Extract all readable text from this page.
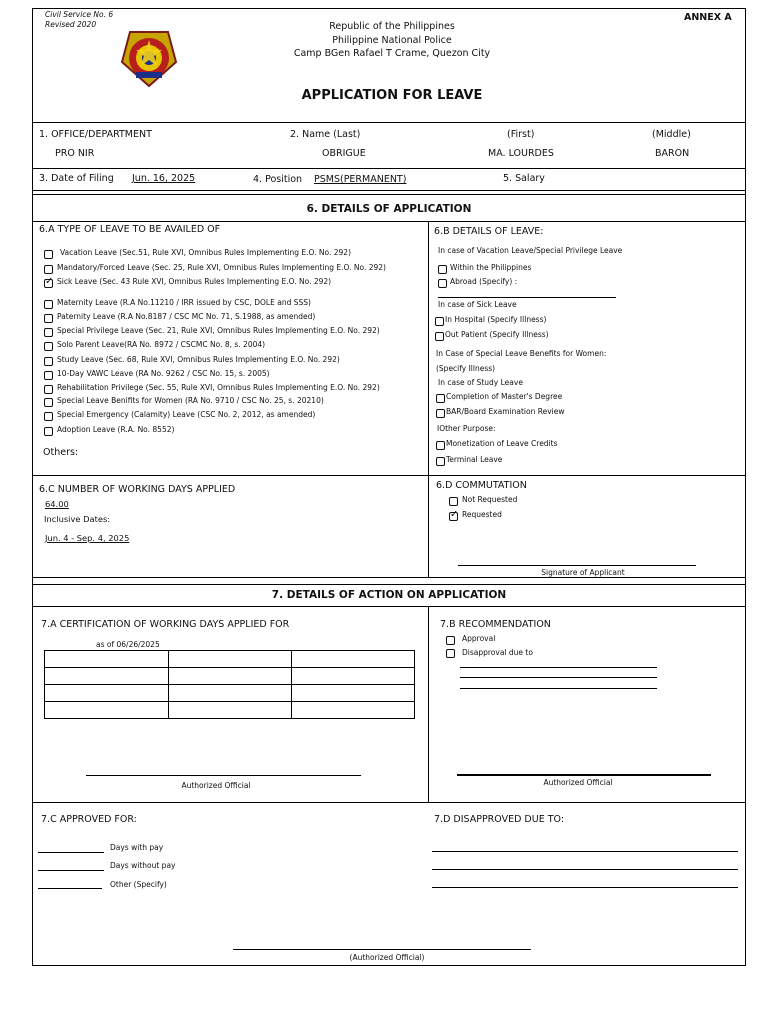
Civil Service No. 6
Revised 2020
ANNEX A
Republic of the Philippines
Philippine National Police
Camp BGen Rafael T Crame, Quezon City
APPLICATION FOR LEAVE
1. OFFICE/DEPARTMENT	2. Name (Last)	(First)	(Middle)
PRO NIR	OBRIGUE	MA. LOURDES	BARON
3. Date of Filing Jun. 16, 2025	4. Position PSMS(PERMANENT)	5. Salary
6. DETAILS OF APPLICATION
6.A TYPE OF LEAVE TO BE AVAILED OF
Vacation Leave (Sec.51, Rule XVI, Omnibus Rules Implementing E.O. No. 292)
Mandatory/Forced Leave (Sec. 25, Rule XVI, Omnibus Rules Implementing E.O. No. 292)
✓
Sick Leave (Sec. 43 Rule XVI, Omnibus Rules Implementing E.O. No. 292)
Maternity Leave (R.A No.11210 / IRR issued by CSC, DOLE and SSS)
Paternity Leave (R.A No.8187 / CSC MC No. 71, S.1988, as amended)
Special Privilege Leave (Sec. 21, Rule XVI, Omnibus Rules Implementing E.O. No. 292)
Solo Parent Leave(RA No. 8972 / CSCMC No. 8, s. 2004)
Study Leave (Sec. 68, Rule XVI, Omnibus Rules Implementing E.O. No. 292)
10-Day VAWC Leave (RA No. 9262 / CSC No. 15, s. 2005)
Rehabilitation Privilege (Sec. 55, Rule XVI, Omnibus Rules Implementing E.O. No. 292)
Special Leave Benifits for Women (RA No. 9710 / CSC No. 25, s. 20210)
Special Emergency (Calamity) Leave (CSC No. 2, 2012, as amended)
Adoption Leave (R.A. No. 8552)
Others:
6.B DETAILS OF LEAVE:
In case of Vacation Leave/Special Privilege Leave
Within the Philippines
Abroad (Specify) :
In case of Sick Leave
In Hospital (Specify Illness)
Out Patient (Specify Illness)
In Case of Special Leave Benefits for Women:
(Specify Illness)
In case of Study Leave
Completion of Master's Degree
BAR/Board Examination Review
IOther Purpose:
Monetization of Leave Credits
Terminal Leave
6.C NUMBER OF WORKING DAYS APPLIED
64.00
Inclusive Dates:
Jun. 4 - Sep. 4, 2025
6.D COMMUTATION
Not Requested
✓
Requested
Signature of Applicant
7. DETAILS OF ACTION ON APPLICATION
7.A CERTIFICATION OF WORKING DAYS APPLIED FOR
as of 06/26/2025
Authorized Official
7.B RECOMMENDATION
Approval
Disapproval due to
Authorized Official
7.C APPROVED FOR:
Days with pay
Days without pay
Other (Specify)
7.D DISAPPROVED DUE TO:
(Authorized Official)
